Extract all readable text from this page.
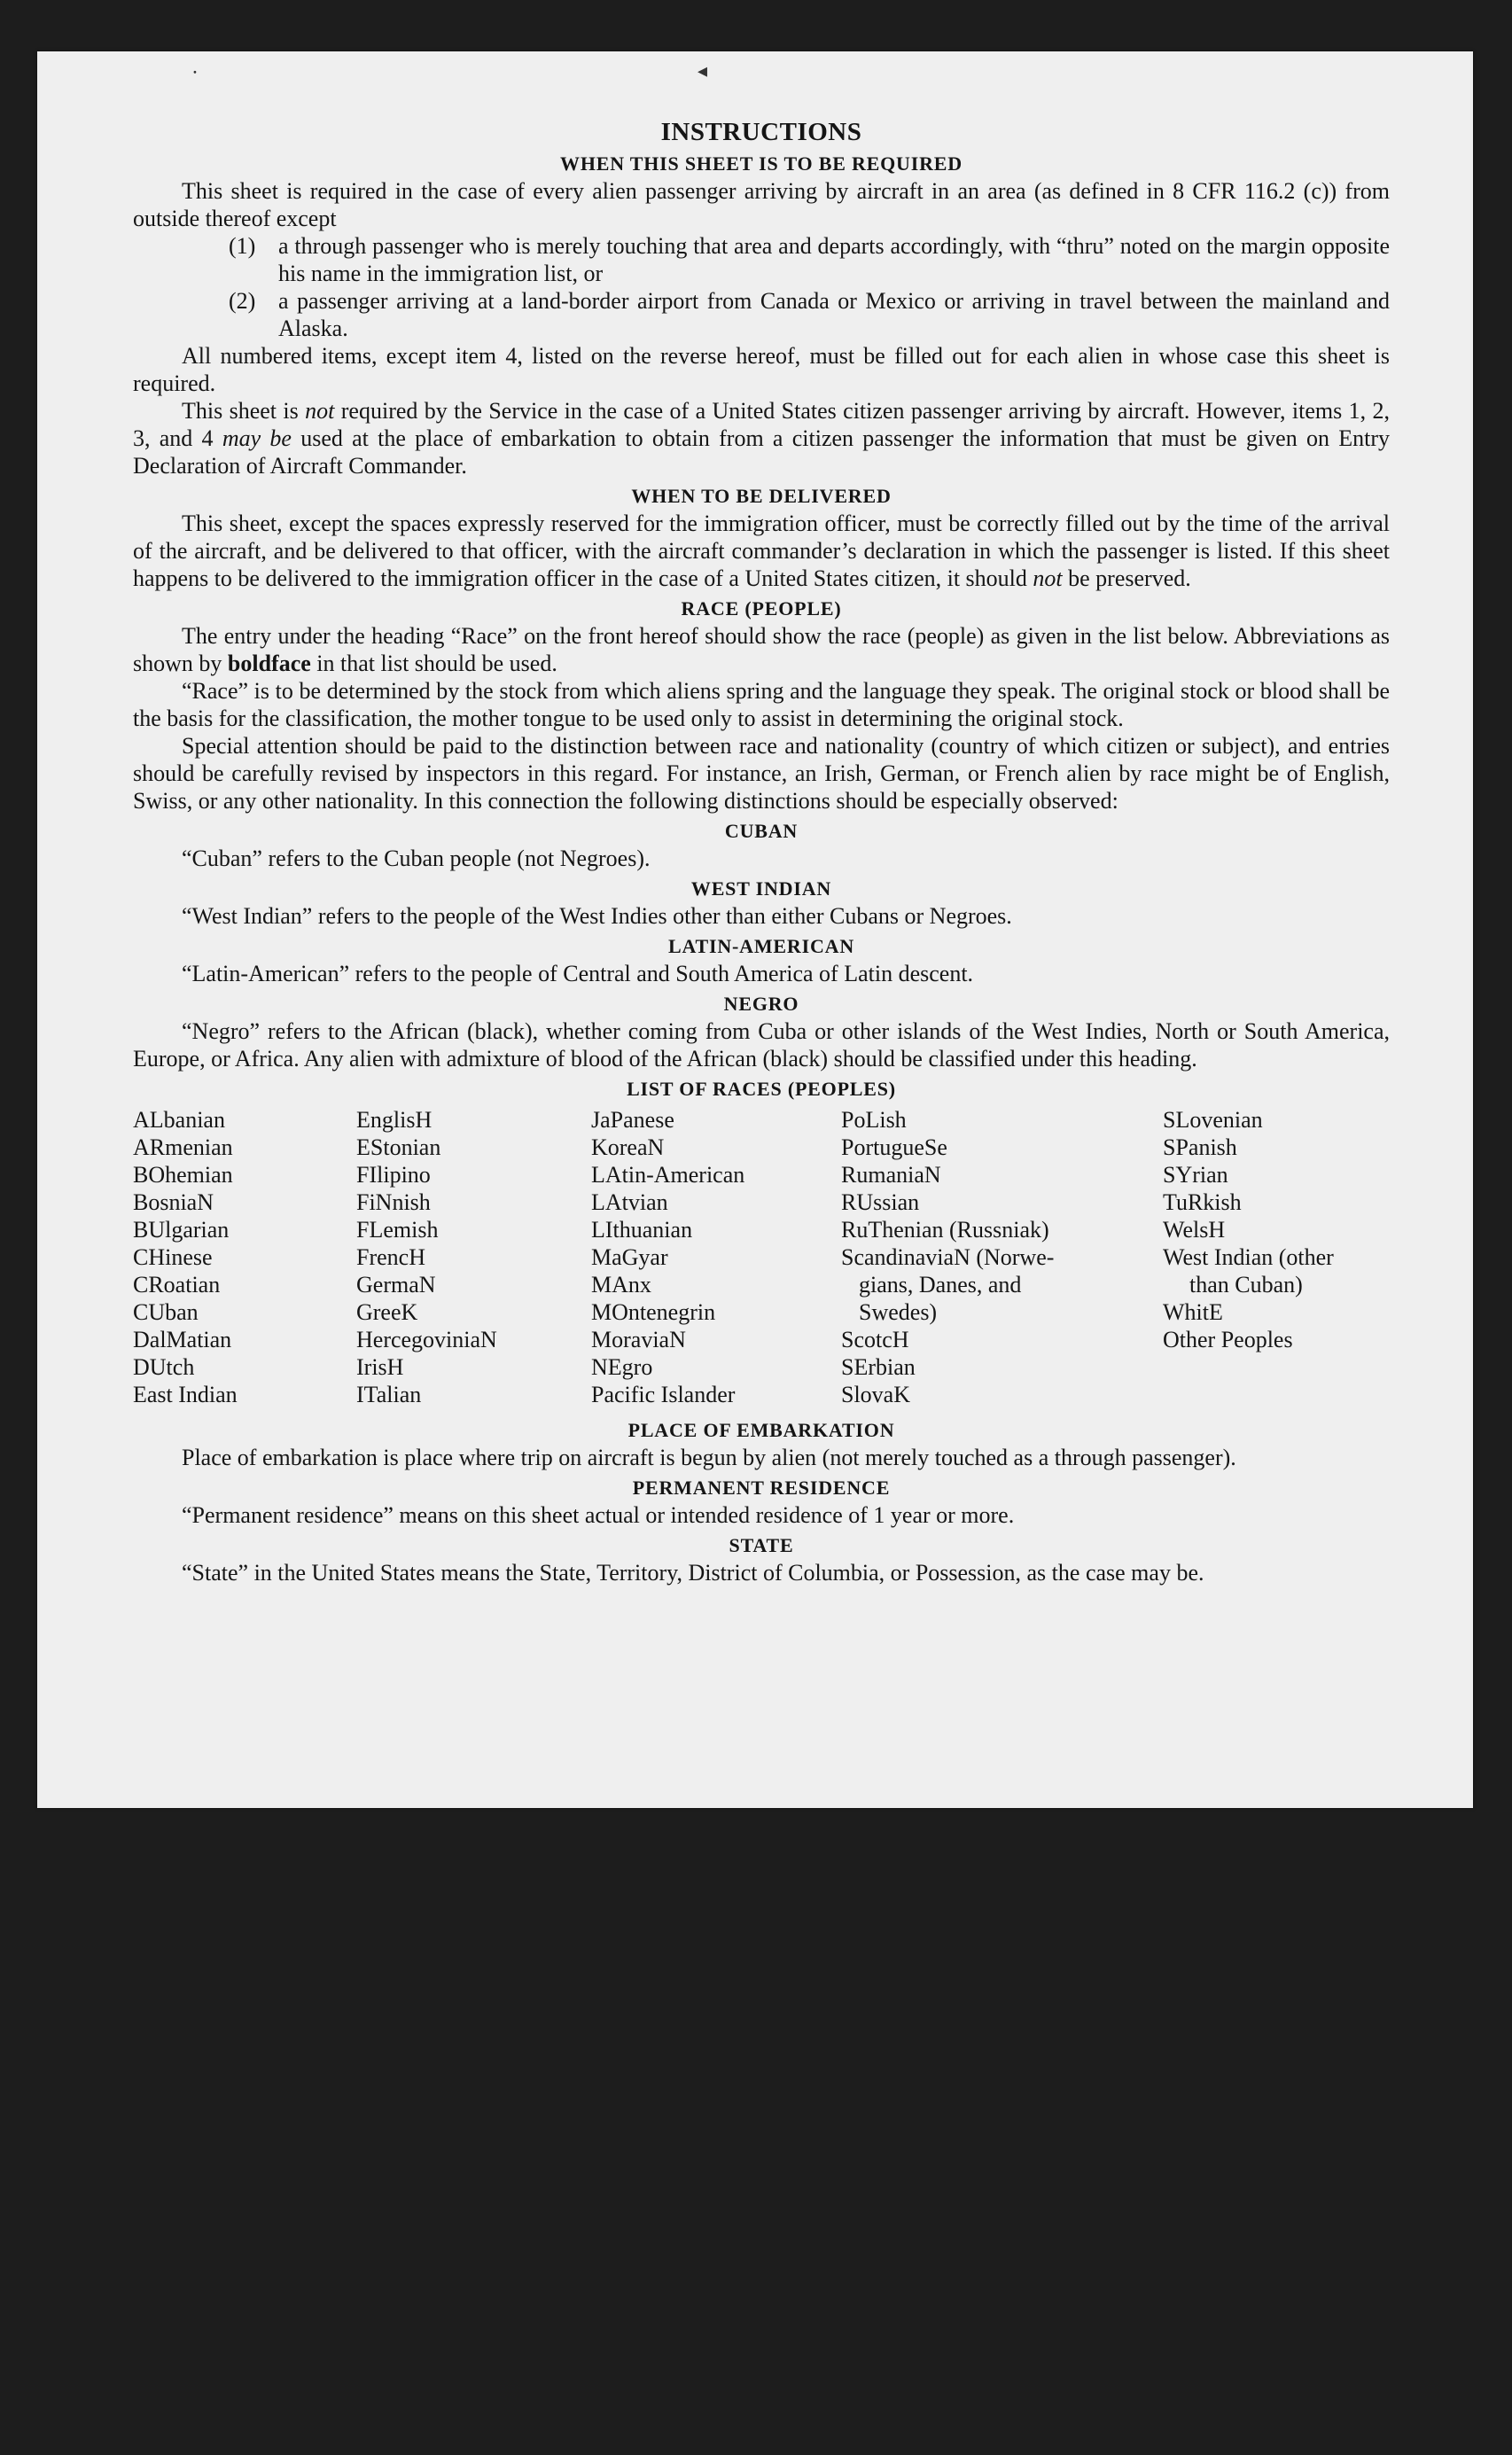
⸱	◂
INSTRUCTIONS
WHEN THIS SHEET IS TO BE REQUIRED

This sheet is required in the case of every alien passenger arriving by aircraft in an area (as defined in 8 CFR 116.2 (c)) from outside thereof except

(1) a through passenger who is merely touching that area and departs accordingly, with “thru” noted on the margin opposite his name in the immigration list, or
(2) a passenger arriving at a land-border airport from Canada or Mexico or arriving in travel between the mainland and Alaska.

All numbered items, except item 4, listed on the reverse hereof, must be filled out for each alien in whose case this sheet is required.

This sheet is not required by the Service in the case of a United States citizen passenger arriving by aircraft. However, items 1, 2, 3, and 4 may be used at the place of embarkation to obtain from a citizen passenger the information that must be given on Entry Declaration of Aircraft Commander.

WHEN TO BE DELIVERED

This sheet, except the spaces expressly reserved for the immigration officer, must be correctly filled out by the time of the arrival of the aircraft, and be delivered to that officer, with the aircraft commander’s declaration in which the passenger is listed. If this sheet happens to be delivered to the immigration officer in the case of a United States citizen, it should not be preserved.

RACE (PEOPLE)

The entry under the heading “Race” on the front hereof should show the race (people) as given in the list below. Abbreviations as shown by boldface in that list should be used.

“Race” is to be determined by the stock from which aliens spring and the language they speak. The original stock or blood shall be the basis for the classification, the mother tongue to be used only to assist in determining the original stock.

Special attention should be paid to the distinction between race and nationality (country of which citizen or subject), and entries should be carefully revised by inspectors in this regard. For instance, an Irish, German, or French alien by race might be of English, Swiss, or any other nationality. In this connection the following distinctions should be especially observed:

CUBAN

“Cuban” refers to the Cuban people (not Negroes).

WEST INDIAN

“West Indian” refers to the people of the West Indies other than either Cubans or Negroes.

LATIN-AMERICAN

“Latin-American” refers to the people of Central and South America of Latin descent.

NEGRO

“Negro” refers to the African (black), whether coming from Cuba or other islands of the West Indies, North or South America, Europe, or Africa. Any alien with admixture of blood of the African (black) should be classified under this heading.

LIST OF RACES (PEOPLES)
ALbanian
ARmenian
BOhemian
BosniaN
BUlgarian
CHinese
CRoatian
CUban
DalMatian
DUtch
East Indian
EnglisH
EStonian
FIlipino
FiNnish
FLemish
FrencH
GermaN
GreeK
HercegoviniaN
IrisH
ITalian
JaPanese
KoreaN
LAtin-American
LAtvian
LIthuanian
MaGyar
MAnx
MOntenegrin
MoraviaN
NEgro
Pacific Islander
PoLish
PortugueSe
RumaniaN
RUssian
RuThenian (Russniak)
ScandinaviaN (Norwe-
gians, Danes, and
Swedes)
ScotcH
SErbian
SlovaK
SLovenian
SPanish
SYrian
TuRkish
WelsH
West Indian (other
than Cuban)
WhitE
Other Peoples
PLACE OF EMBARKATION

Place of embarkation is place where trip on aircraft is begun by alien (not merely touched as a through passenger).

PERMANENT RESIDENCE

“Permanent residence” means on this sheet actual or intended residence of 1 year or more.

STATE

“State” in the United States means the State, Territory, District of Columbia, or Possession, as the case may be.
